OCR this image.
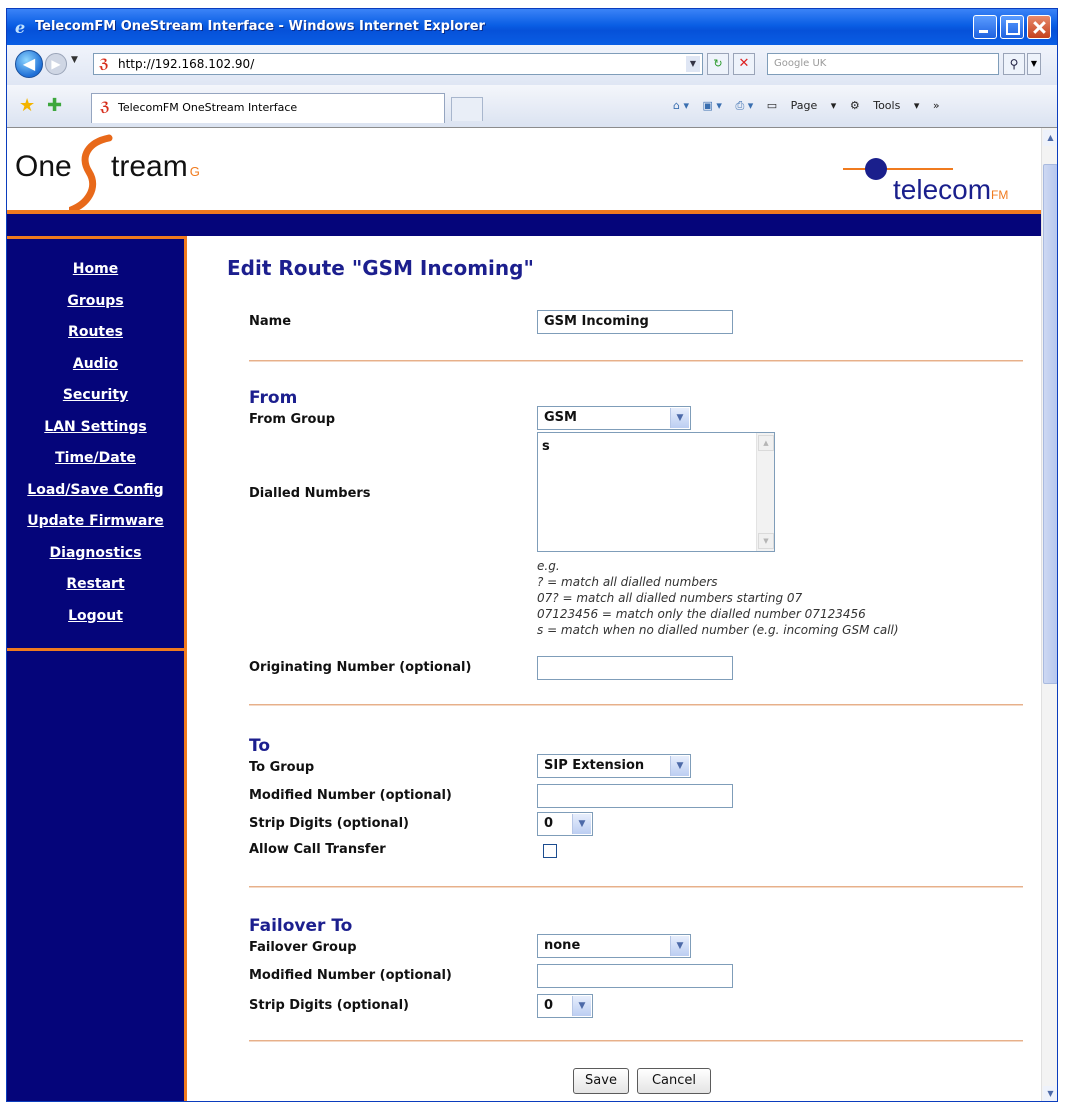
e TelecomFM OneStream Interface - Windows Internet Explorer
◀	▶	▼ ℨ http://192.168.102.90/	▼	↻	✕	Google UK	⚲	▼
★ ✚	ℨ TelecomFM OneStream Interface	⌂ ▾ ▣ ▾ ⎙ ▾ ▭ Page ▾ ⚙ Tools ▾ »
One tream G
telecomFM
Home
Groups
Routes
Audio
Security
LAN Settings
Time/Date
Load/Save Config
Update Firmware
Diagnostics
Restart
Logout
Edit Route "GSM Incoming"
Name	GSM Incoming
From
From Group	GSM	▼
Dialled Numbers
s	▲
▼
e.g.
? = match all dialled numbers
07? = match all dialled numbers starting 07
07123456 = match only the dialled number 07123456
s = match when no dialled number (e.g. incoming GSM call)
Originating Number (optional)
To
To Group	SIP Extension	▼
Modified Number (optional)
Strip Digits (optional)	0	▼
Allow Call Transfer
Failover To
Failover Group	none	▼
Modified Number (optional)
Strip Digits (optional)	0	▼
Save	Cancel
▲
▼
